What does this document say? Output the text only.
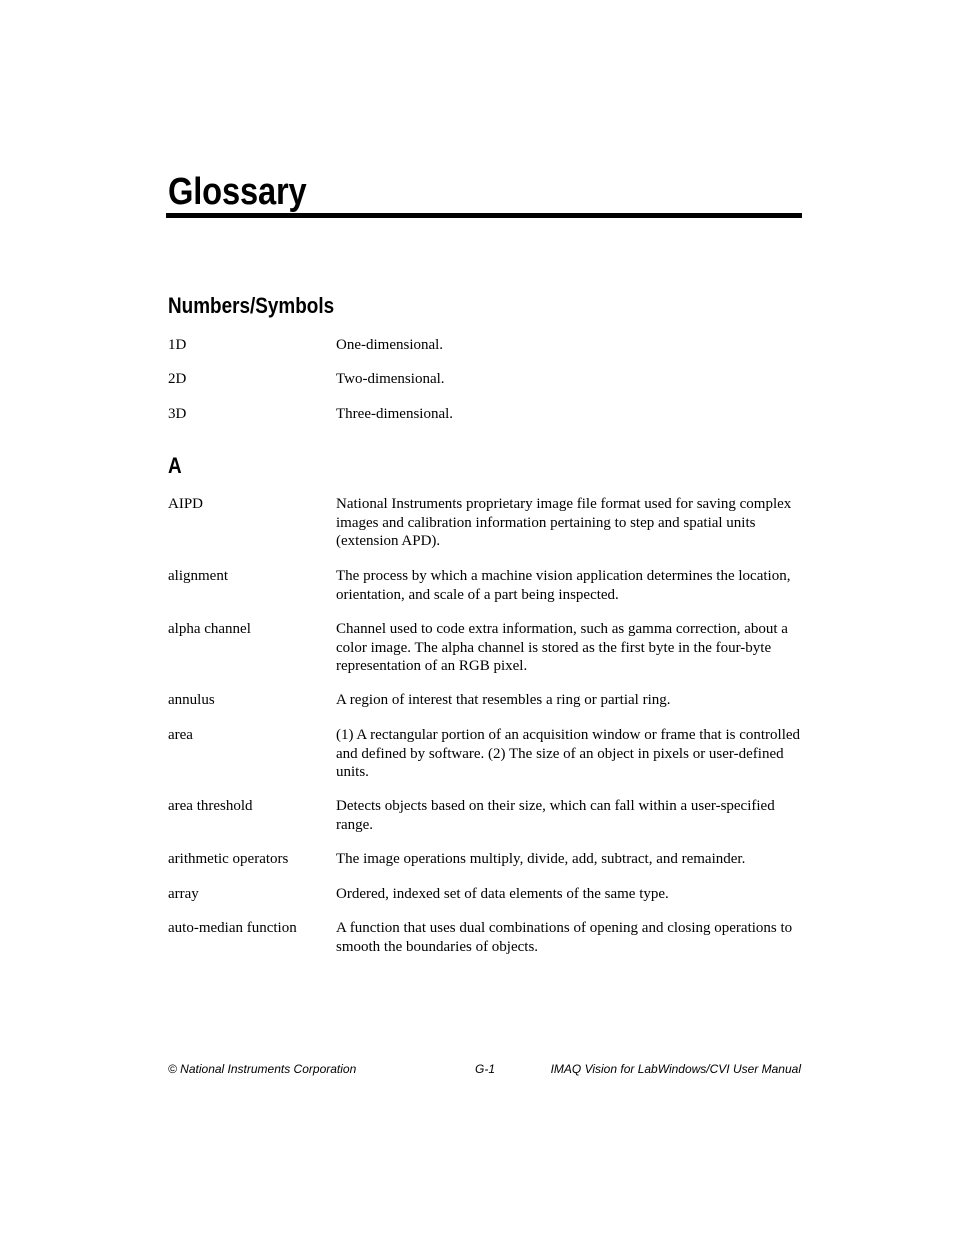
Glossary
Numbers/Symbols
1D	One-dimensional.
2D	Two-dimensional.
3D	Three-dimensional.
A
AIPD	National Instruments proprietary image file format used for saving complex images and calibration information pertaining to step and spatial units (extension APD).
alignment	The process by which a machine vision application determines the location, orientation, and scale of a part being inspected.
alpha channel	Channel used to code extra information, such as gamma correction, about a color image. The alpha channel is stored as the first byte in the four-byte representation of an RGB pixel.
annulus	A region of interest that resembles a ring or partial ring.
area	(1) A rectangular portion of an acquisition window or frame that is controlled and defined by software. (2) The size of an object in pixels or user-defined units.
area threshold	Detects objects based on their size, which can fall within a user-specified range.
arithmetic operators	The image operations multiply, divide, add, subtract, and remainder.
array	Ordered, indexed set of data elements of the same type.
auto-median function	A function that uses dual combinations of opening and closing operations to smooth the boundaries of objects.
© National Instruments Corporation	G-1	IMAQ Vision for LabWindows/CVI User Manual
